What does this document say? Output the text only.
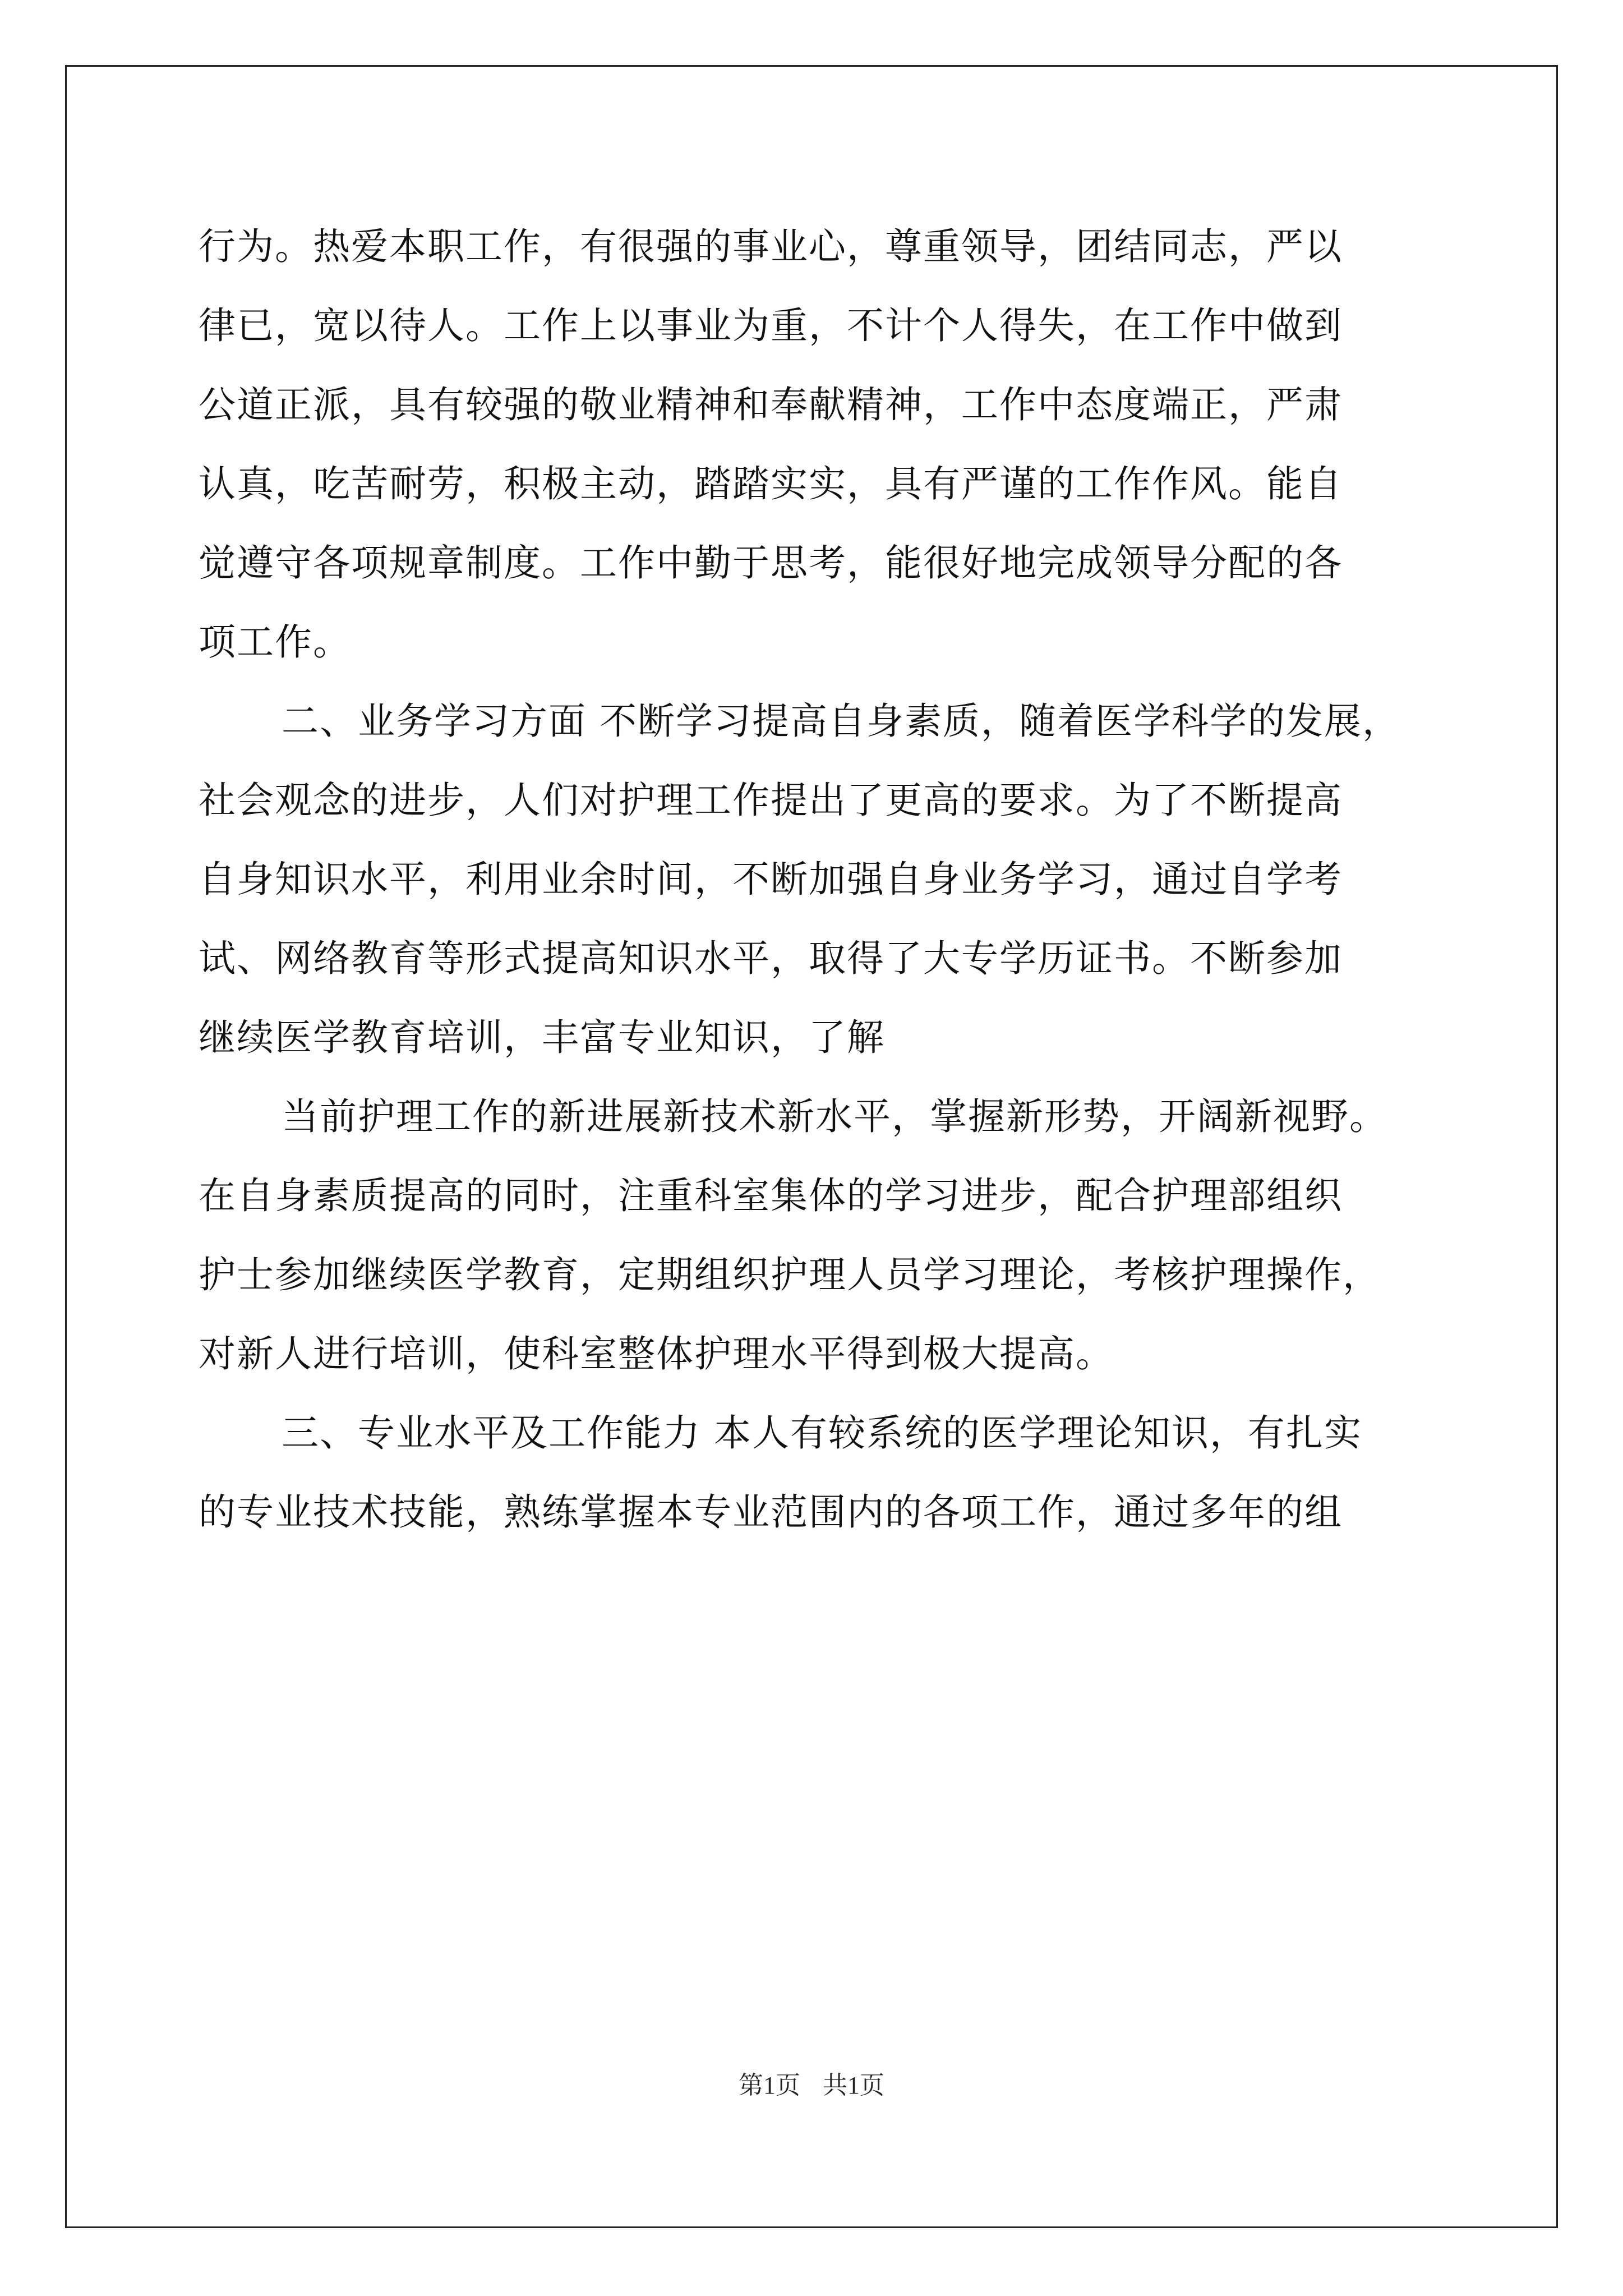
行为。热爱本职工作，有很强的事业心，尊重领导，团结同志，严以
律已，宽以待人。工作上以事业为重，不计个人得失，在工作中做到
公道正派，具有较强的敬业精神和奉献精神，工作中态度端正，严肃
认真，吃苦耐劳，积极主动，踏踏实实，具有严谨的工作作风。能自
觉遵守各项规章制度。工作中勤于思考，能很好地完成领导分配的各
项工作。
二、业务学习方面 不断学习提高自身素质，随着医学科学的发展，
社会观念的进步，人们对护理工作提出了更高的要求。为了不断提高
自身知识水平，利用业余时间，不断加强自身业务学习，通过自学考
试、网络教育等形式提高知识水平，取得了大专学历证书。不断参加
继续医学教育培训，丰富专业知识，了解
当前护理工作的新进展新技术新水平，掌握新形势，开阔新视野。
在自身素质提高的同时，注重科室集体的学习进步，配合护理部组织
护士参加继续医学教育，定期组织护理人员学习理论，考核护理操作，
对新人进行培训，使科室整体护理水平得到极大提高。
三、专业水平及工作能力 本人有较系统的医学理论知识，有扎实
的专业技术技能，熟练掌握本专业范围内的各项工作，通过多年的组
第1页 共1页
